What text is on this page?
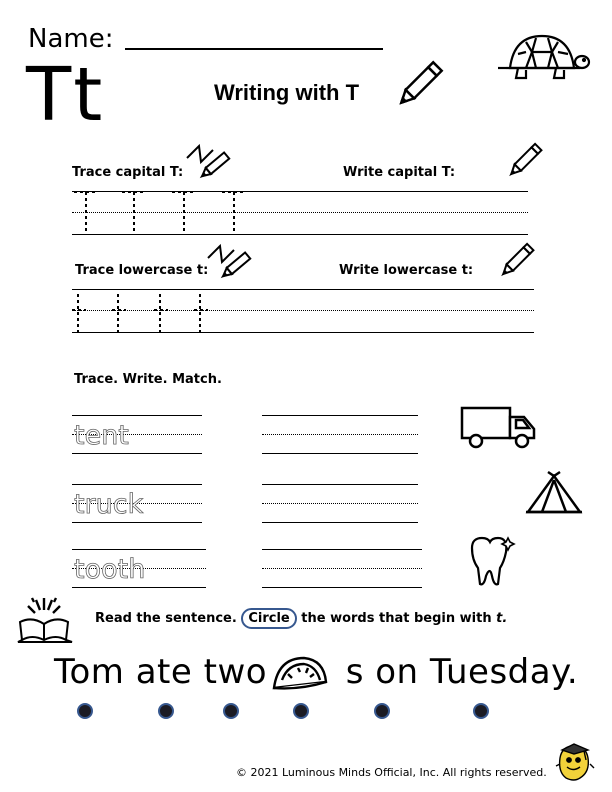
Name:
Tt	Writing with T
Trace capital T:	Write capital T:
Trace lowercase t:	Write lowercase t:
Trace. Write. Match.
tent
truck
tooth
Read the sentence. Circle the words that begin with t.
Tom ate two s on Tuesday.
© 2021 Luminous Minds Official, Inc. All rights reserved.
